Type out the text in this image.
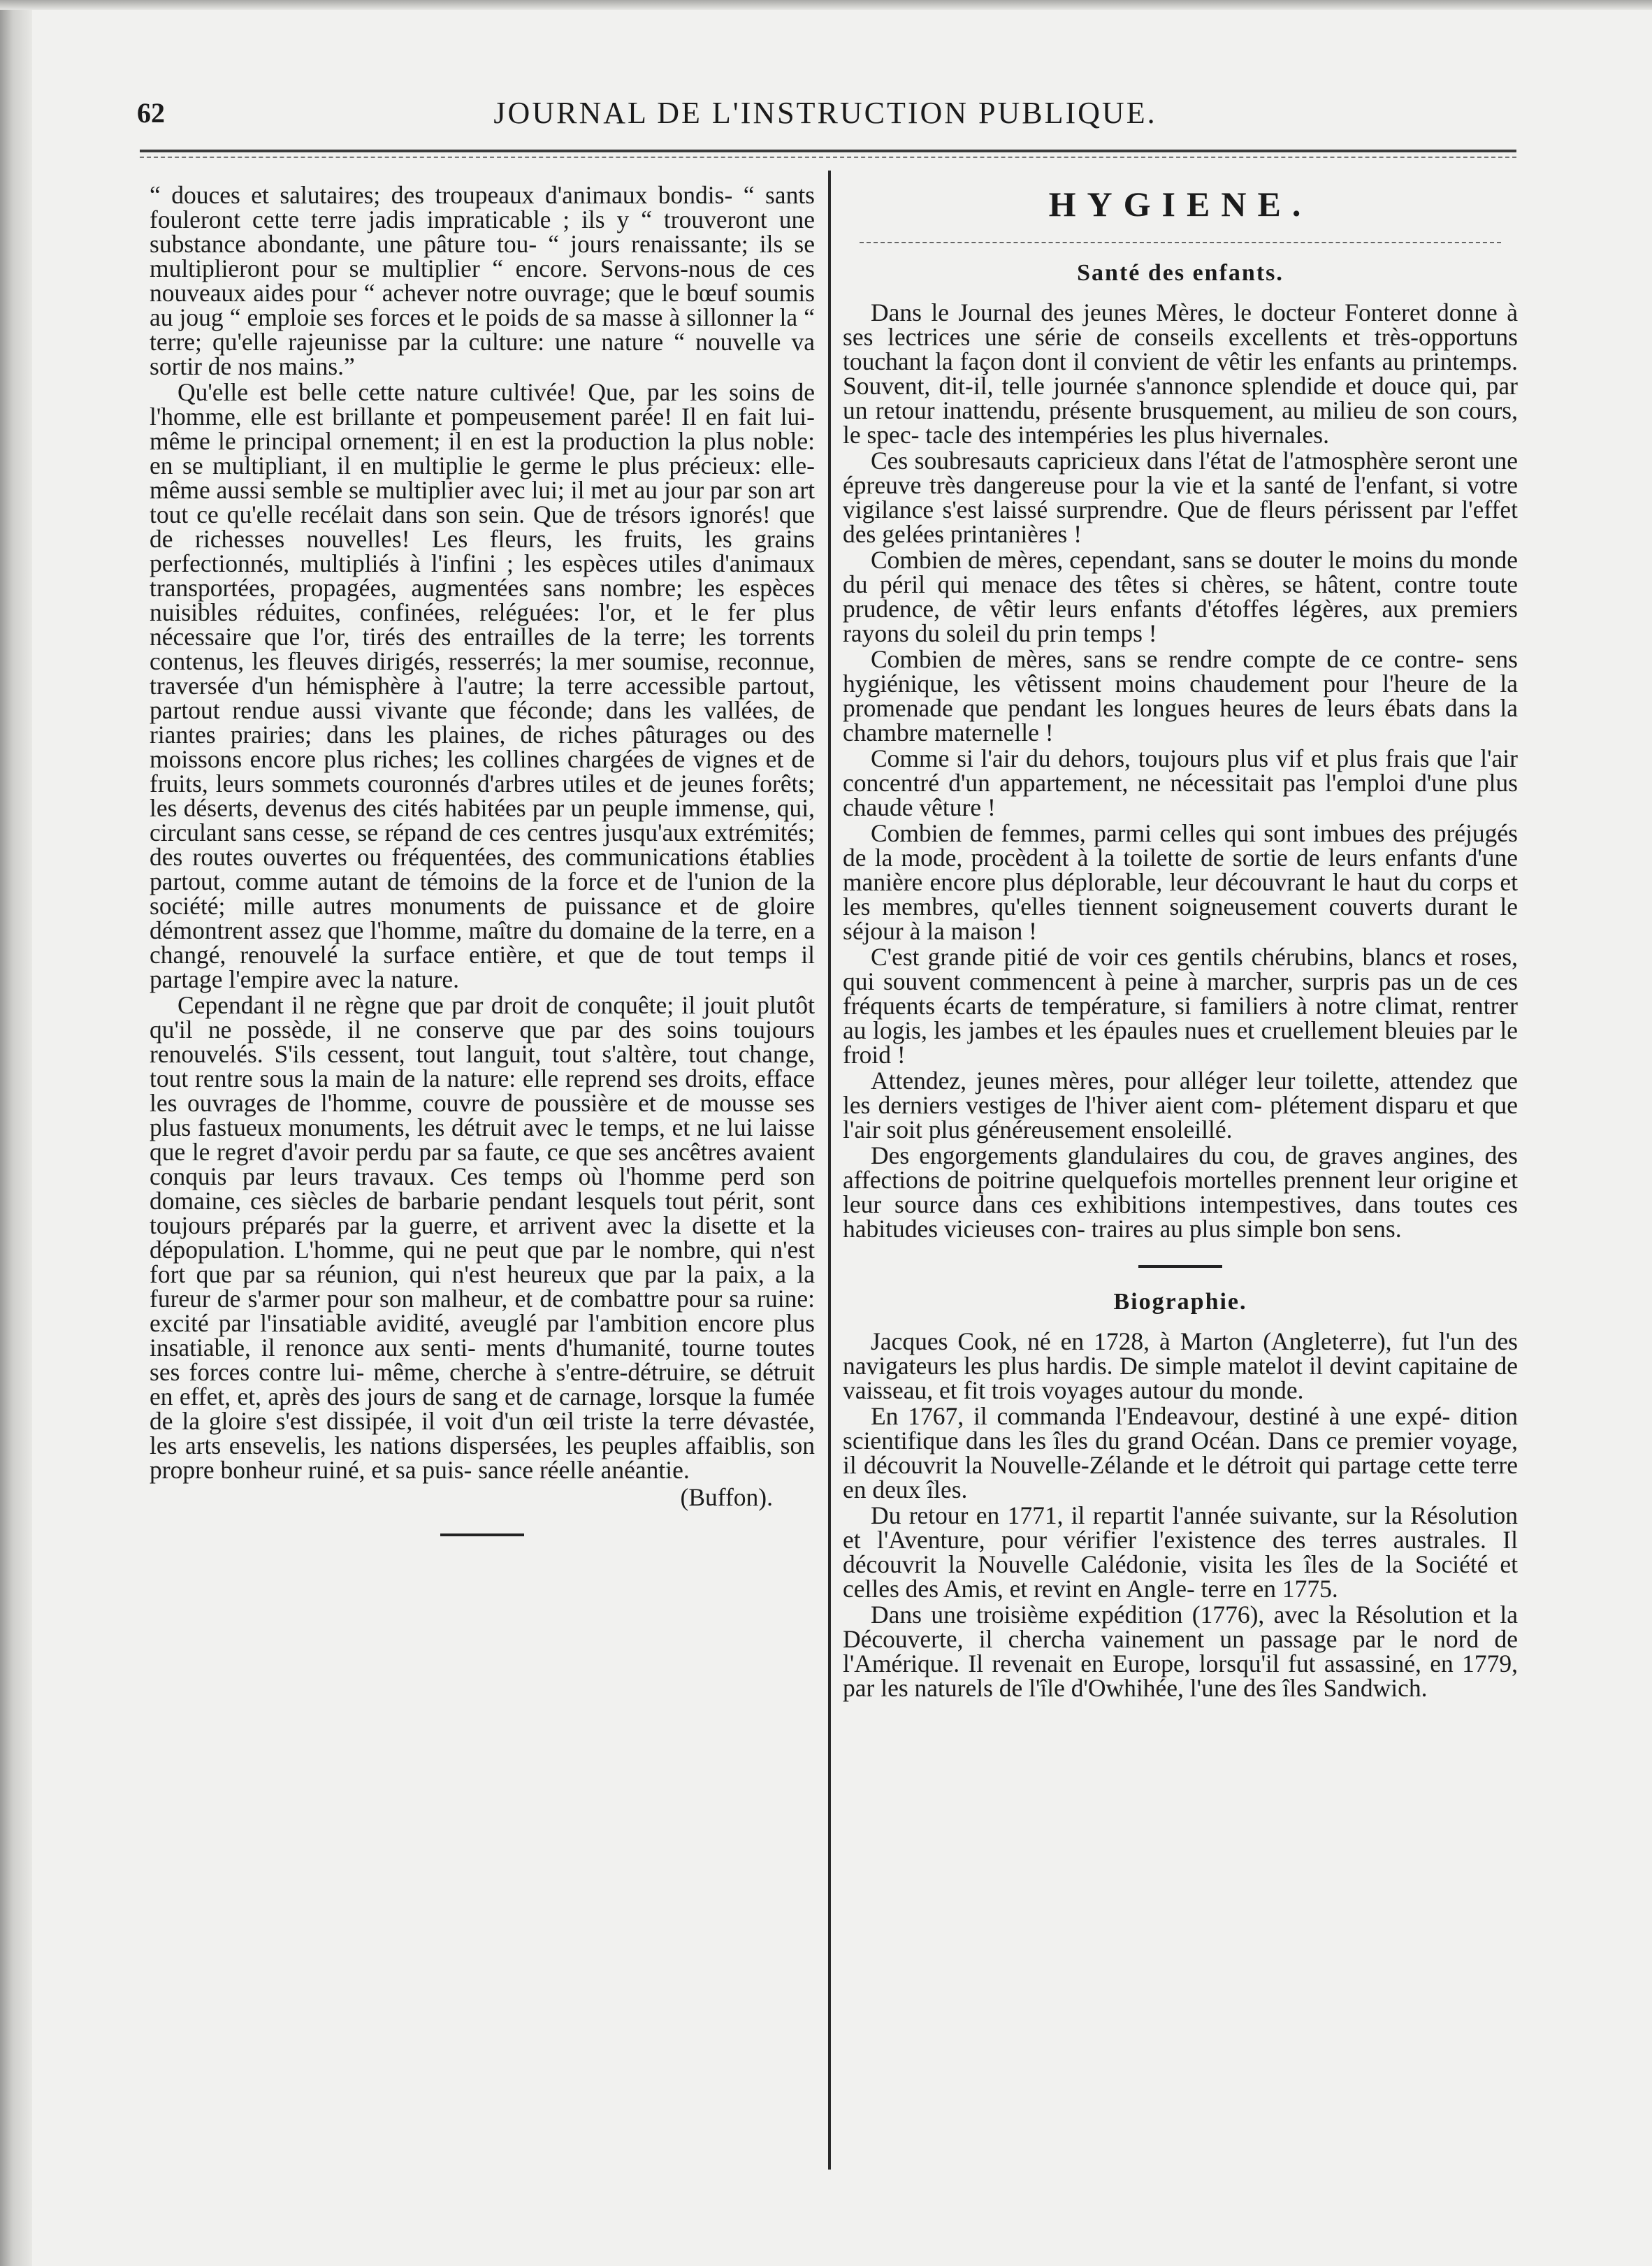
62	JOURNAL DE L'INSTRUCTION PUBLIQUE.

“ douces et salutaires; des troupeaux d'animaux bondis- “ sants fouleront cette terre jadis impraticable ; ils y “ trouveront une substance abondante, une pâture tou- “ jours renaissante; ils se multiplieront pour se multiplier “ encore. Servons-nous de ces nouveaux aides pour “ achever notre ouvrage; que le bœuf soumis au joug “ emploie ses forces et le poids de sa masse à sillonner la “ terre; qu'elle rajeunisse par la culture: une nature “ nouvelle va sortir de nos mains.”

Qu'elle est belle cette nature cultivée! Que, par les soins de l'homme, elle est brillante et pompeusement parée! Il en fait lui-même le principal ornement; il en est la production la plus noble: en se multipliant, il en multiplie le germe le plus précieux: elle-même aussi semble se multiplier avec lui; il met au jour par son art tout ce qu'elle recélait dans son sein. Que de trésors ignorés! que de richesses nouvelles! Les fleurs, les fruits, les grains perfectionnés, multipliés à l'infini ; les espèces utiles d'animaux transportées, propagées, augmentées sans nombre; les espèces nuisibles réduites, confinées, reléguées: l'or, et le fer plus nécessaire que l'or, tirés des entrailles de la terre; les torrents contenus, les fleuves dirigés, resserrés; la mer soumise, reconnue, traversée d'un hémisphère à l'autre; la terre accessible partout, partout rendue aussi vivante que féconde; dans les vallées, de riantes prairies; dans les plaines, de riches pâturages ou des moissons encore plus riches; les collines chargées de vignes et de fruits, leurs sommets couronnés d'arbres utiles et de jeunes forêts; les déserts, devenus des cités habitées par un peuple immense, qui, circulant sans cesse, se répand de ces centres jusqu'aux extrémités; des routes ouvertes ou fréquentées, des communications établies partout, comme autant de témoins de la force et de l'union de la société; mille autres monuments de puissance et de gloire démontrent assez que l'homme, maître du domaine de la terre, en a changé, renouvelé la surface entière, et que de tout temps il partage l'empire avec la nature.

Cependant il ne règne que par droit de conquête; il jouit plutôt qu'il ne possède, il ne conserve que par des soins toujours renouvelés. S'ils cessent, tout languit, tout s'altère, tout change, tout rentre sous la main de la nature: elle reprend ses droits, efface les ouvrages de l'homme, couvre de poussière et de mousse ses plus fastueux monuments, les détruit avec le temps, et ne lui laisse que le regret d'avoir perdu par sa faute, ce que ses ancêtres avaient conquis par leurs travaux. Ces temps où l'homme perd son domaine, ces siècles de barbarie pendant lesquels tout périt, sont toujours préparés par la guerre, et arrivent avec la disette et la dépopulation. L'homme, qui ne peut que par le nombre, qui n'est fort que par sa réunion, qui n'est heureux que par la paix, a la fureur de s'armer pour son malheur, et de combattre pour sa ruine: excité par l'insatiable avidité, aveuglé par l'ambition encore plus insatiable, il renonce aux senti- ments d'humanité, tourne toutes ses forces contre lui- même, cherche à s'entre-détruire, se détruit en effet, et, après des jours de sang et de carnage, lorsque la fumée de la gloire s'est dissipée, il voit d'un œil triste la terre dévastée, les arts ensevelis, les nations dispersées, les peuples affaiblis, son propre bonheur ruiné, et sa puis- sance réelle anéantie.

(Buffon).
HYGIENE.
Santé des enfants.

Dans le Journal des jeunes Mères, le docteur Fonteret donne à ses lectrices une série de conseils excellents et très-opportuns touchant la façon dont il convient de vêtir les enfants au printemps. Souvent, dit-il, telle journée s'annonce splendide et douce qui, par un retour inattendu, présente brusquement, au milieu de son cours, le spec- tacle des intempéries les plus hivernales.

Ces soubresauts capricieux dans l'état de l'atmosphère seront une épreuve très dangereuse pour la vie et la santé de l'enfant, si votre vigilance s'est laissé surprendre. Que de fleurs périssent par l'effet des gelées printanières !

Combien de mères, cependant, sans se douter le moins du monde du péril qui menace des têtes si chères, se hâtent, contre toute prudence, de vêtir leurs enfants d'étoffes légères, aux premiers rayons du soleil du prin temps !

Combien de mères, sans se rendre compte de ce contre- sens hygiénique, les vêtissent moins chaudement pour l'heure de la promenade que pendant les longues heures de leurs ébats dans la chambre maternelle !

Comme si l'air du dehors, toujours plus vif et plus frais que l'air concentré d'un appartement, ne nécessitait pas l'emploi d'une plus chaude vêture !

Combien de femmes, parmi celles qui sont imbues des préjugés de la mode, procèdent à la toilette de sortie de leurs enfants d'une manière encore plus déplorable, leur découvrant le haut du corps et les membres, qu'elles tiennent soigneusement couverts durant le séjour à la maison !

C'est grande pitié de voir ces gentils chérubins, blancs et roses, qui souvent commencent à peine à marcher, surpris pas un de ces fréquents écarts de température, si familiers à notre climat, rentrer au logis, les jambes et les épaules nues et cruellement bleuies par le froid !

Attendez, jeunes mères, pour alléger leur toilette, attendez que les derniers vestiges de l'hiver aient com- plétement disparu et que l'air soit plus généreusement ensoleillé.

Des engorgements glandulaires du cou, de graves angines, des affections de poitrine quelquefois mortelles prennent leur origine et leur source dans ces exhibitions intempestives, dans toutes ces habitudes vicieuses con- traires au plus simple bon sens.

Biographie.

Jacques Cook, né en 1728, à Marton (Angleterre), fut l'un des navigateurs les plus hardis. De simple matelot il devint capitaine de vaisseau, et fit trois voyages autour du monde.

En 1767, il commanda l'Endeavour, destiné à une expé- dition scientifique dans les îles du grand Océan. Dans ce premier voyage, il découvrit la Nouvelle-Zélande et le détroit qui partage cette terre en deux îles.

Du retour en 1771, il repartit l'année suivante, sur la Résolution et l'Aventure, pour vérifier l'existence des terres australes. Il découvrit la Nouvelle Calédonie, visita les îles de la Société et celles des Amis, et revint en Angle- terre en 1775.

Dans une troisième expédition (1776), avec la Résolution et la Découverte, il chercha vainement un passage par le nord de l'Amérique. Il revenait en Europe, lorsqu'il fut assassiné, en 1779, par les naturels de l'île d'Owhihée, l'une des îles Sandwich.
